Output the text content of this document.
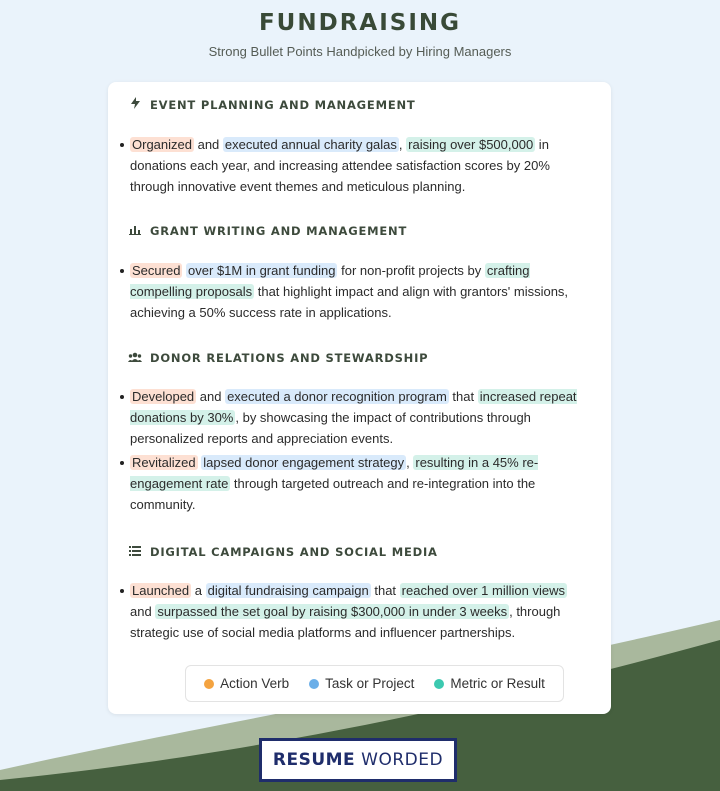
FUNDRAISING
Strong Bullet Points Handpicked by Hiring Managers
EVENT PLANNING AND MANAGEMENT
Organized and executed annual charity galas , raising over $500,000 in donations each year, and increasing attendee satisfaction scores by 20% through innovative event themes and meticulous planning.
GRANT WRITING AND MANAGEMENT
Secured over $1M in grant funding for non-profit projects by crafting compelling proposals that highlight impact and align with grantors' missions, achieving a 50% success rate in applications.
DONOR RELATIONS AND STEWARDSHIP
Developed and executed a donor recognition program that increased repeat donations by 30% , by showcasing the impact of contributions through personalized reports and appreciation events.
Revitalized lapsed donor engagement strategy , resulting in a 45% re-engagement rate through targeted outreach and re-integration into the community.
DIGITAL CAMPAIGNS AND SOCIAL MEDIA
Launched a digital fundraising campaign that reached over 1 million views and surpassed the set goal by raising $300,000 in under 3 weeks , through strategic use of social media platforms and influencer partnerships.
Action Verb	Task or Project	Metric or Result
RESUME WORDED
